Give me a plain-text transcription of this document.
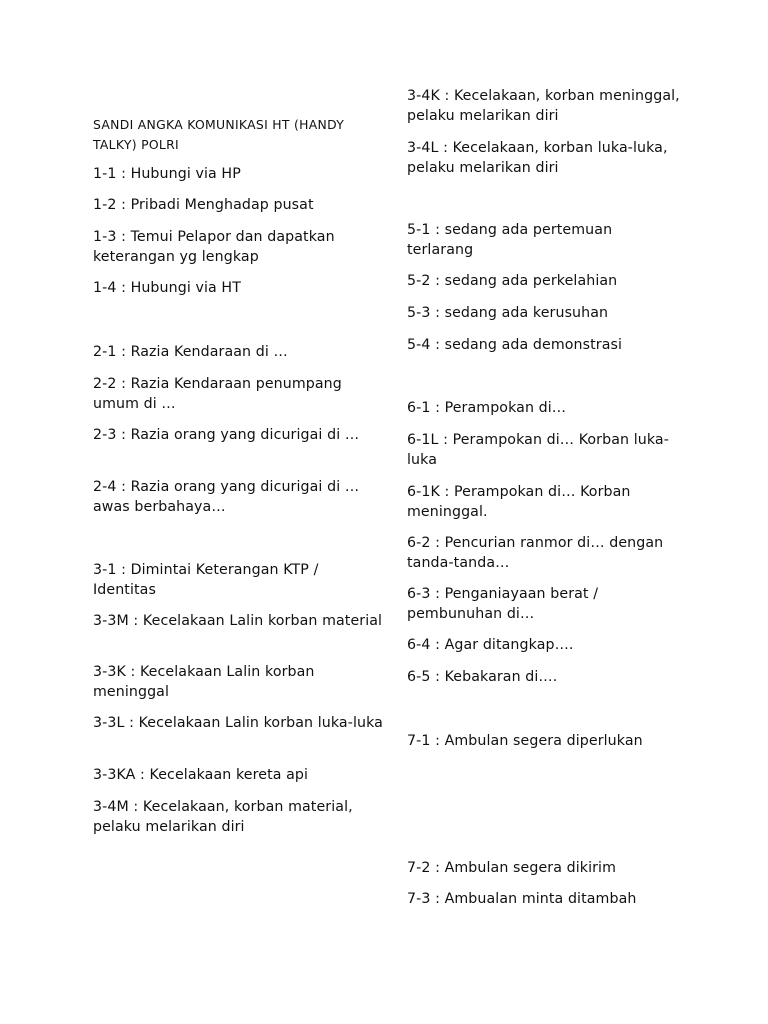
SANDI ANGKA KOMUNIKASI HT (HANDY TALKY) POLRI
1-1 : Hubungi via HP
1-2 : Pribadi Menghadap pusat
1-3 : Temui Pelapor dan dapatkan keterangan yg lengkap
1-4 : Hubungi via HT
2-1 : Razia Kendaraan di …
2-2 : Razia Kendaraan penumpang umum di …
2-3 : Razia orang yang dicurigai di …
2-4 : Razia orang yang dicurigai di … awas berbahaya…
3-1 : Dimintai Keterangan KTP / Identitas
3-3M : Kecelakaan Lalin korban material
3-3K : Kecelakaan Lalin korban meninggal
3-3L : Kecelakaan Lalin korban luka-luka
3-3KA : Kecelakaan kereta api
3-4M : Kecelakaan, korban material, pelaku melarikan diri
3-4K : Kecelakaan, korban meninggal, pelaku melarikan diri
3-4L : Kecelakaan, korban luka-luka, pelaku melarikan diri
5-1 : sedang ada pertemuan terlarang
5-2 : sedang ada perkelahian
5-3 : sedang ada kerusuhan
5-4 : sedang ada demonstrasi
6-1 : Perampokan di…
6-1L : Perampokan di… Korban luka-luka
6-1K : Perampokan di… Korban meninggal.
6-2 : Pencurian ranmor di… dengan tanda-tanda…
6-3 : Penganiayaan berat / pembunuhan di…
6-4 : Agar ditangkap….
6-5 : Kebakaran di….
7-1 : Ambulan segera diperlukan
7-2 : Ambulan segera dikirim
7-3 : Ambualan minta ditambah
